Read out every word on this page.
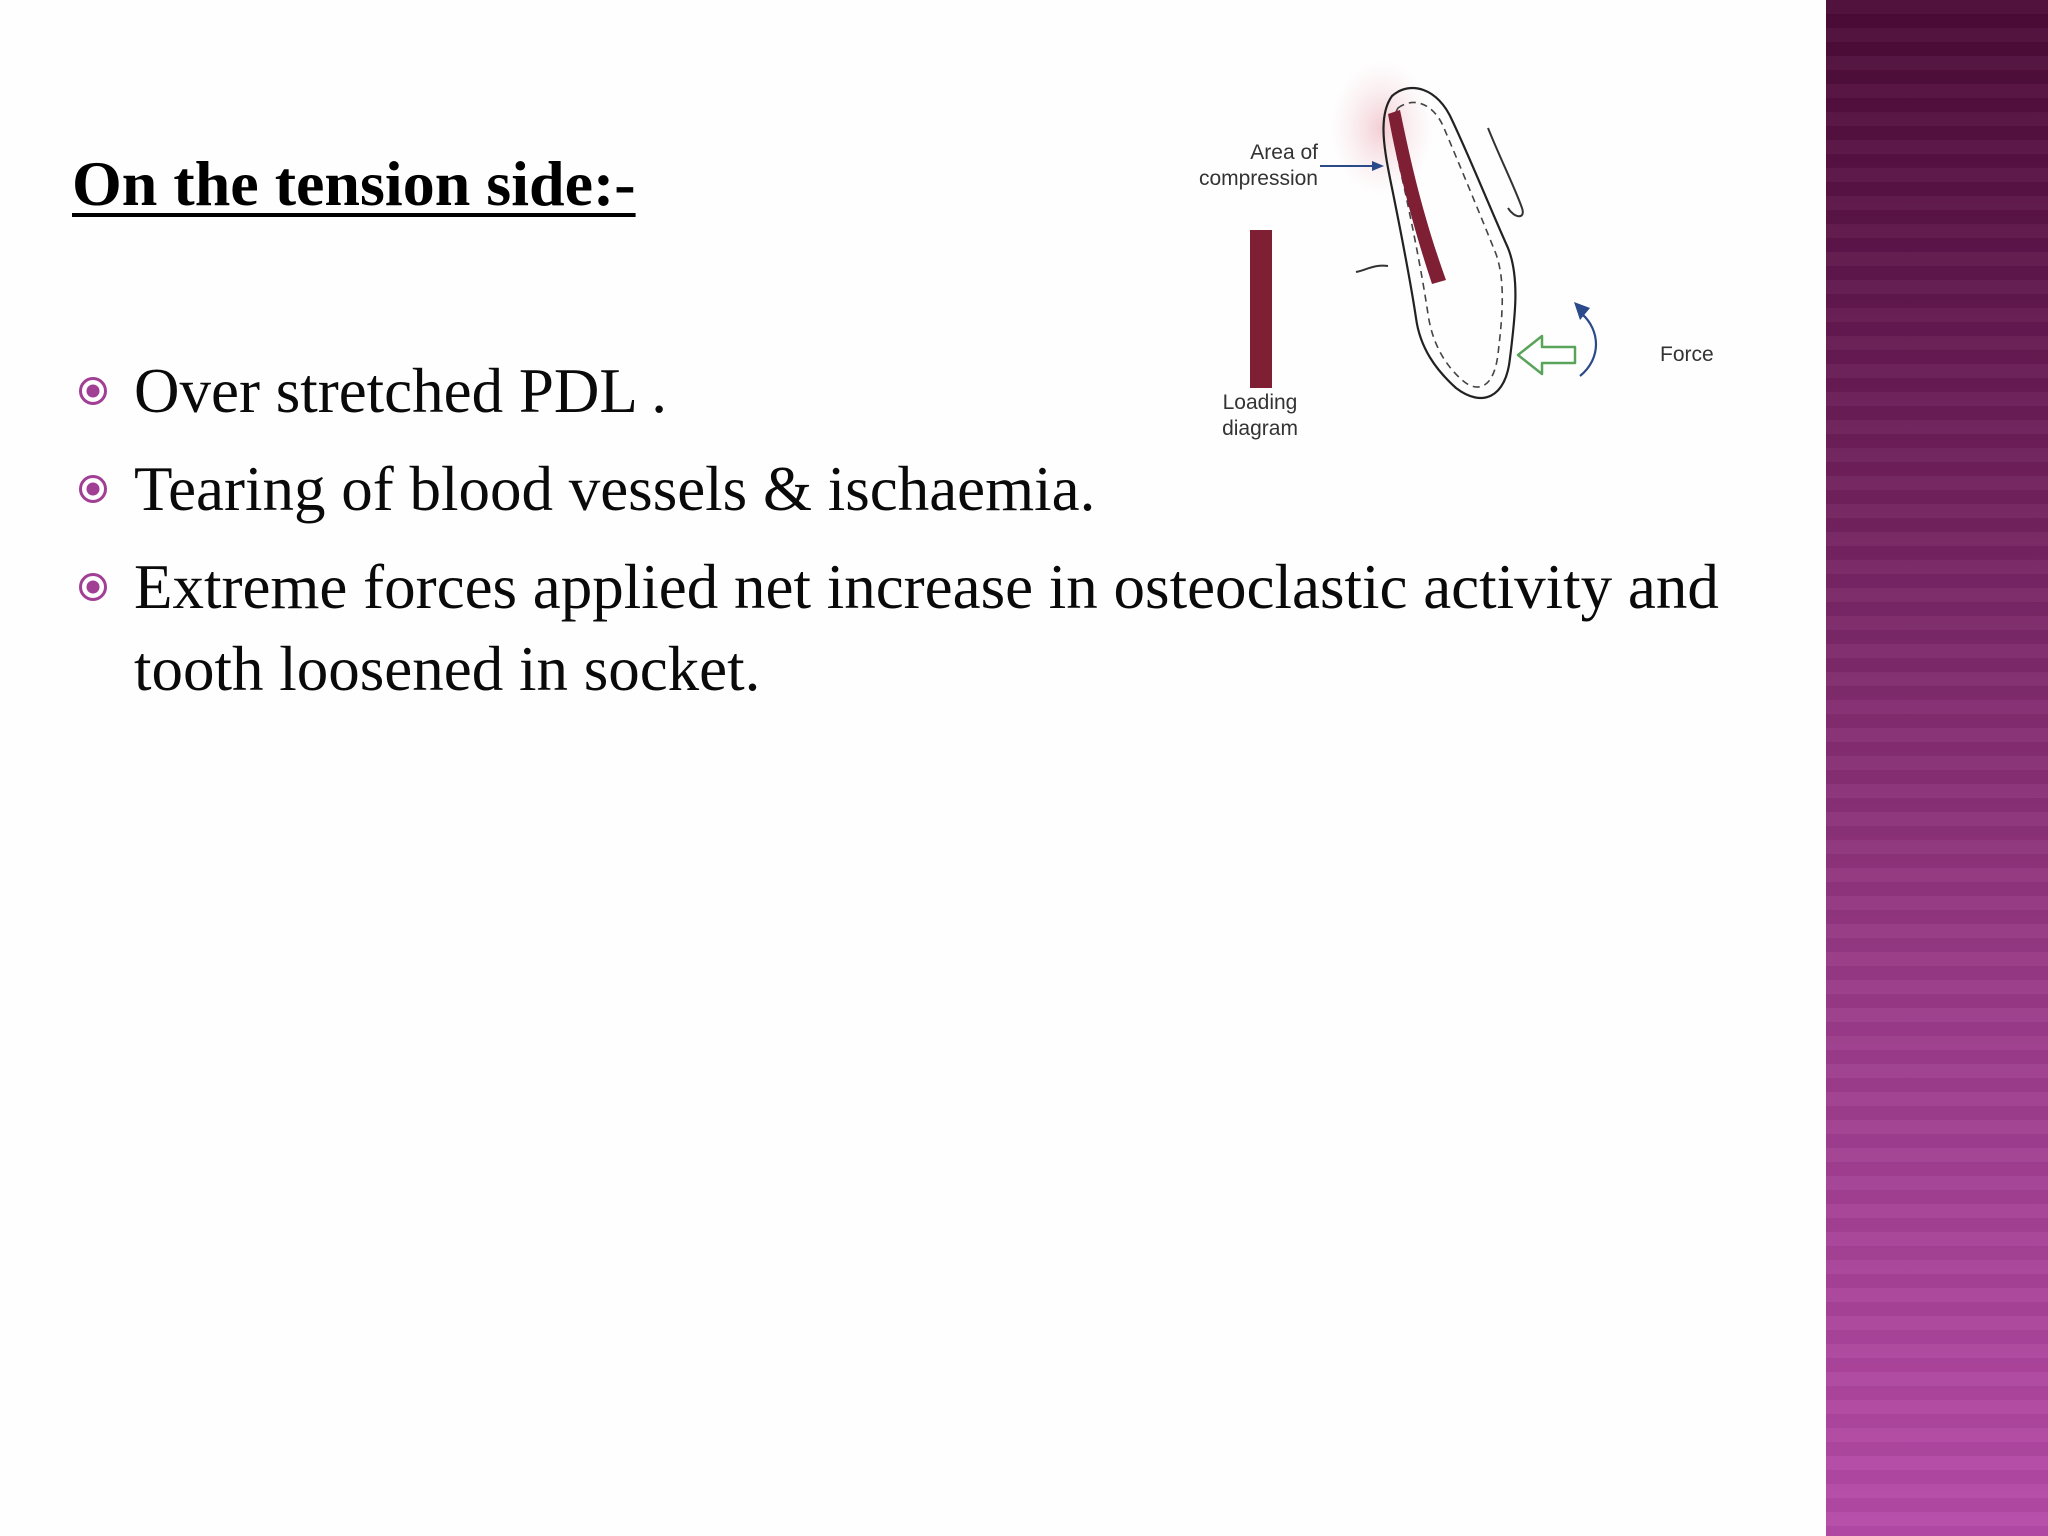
On the tension side:-
Over stretched PDL .
Tearing of blood vessels & ischaemia.
Extreme forces applied net increase in osteoclastic activity and tooth loosened in socket.
Area of
compression
Loading
diagram
Force
